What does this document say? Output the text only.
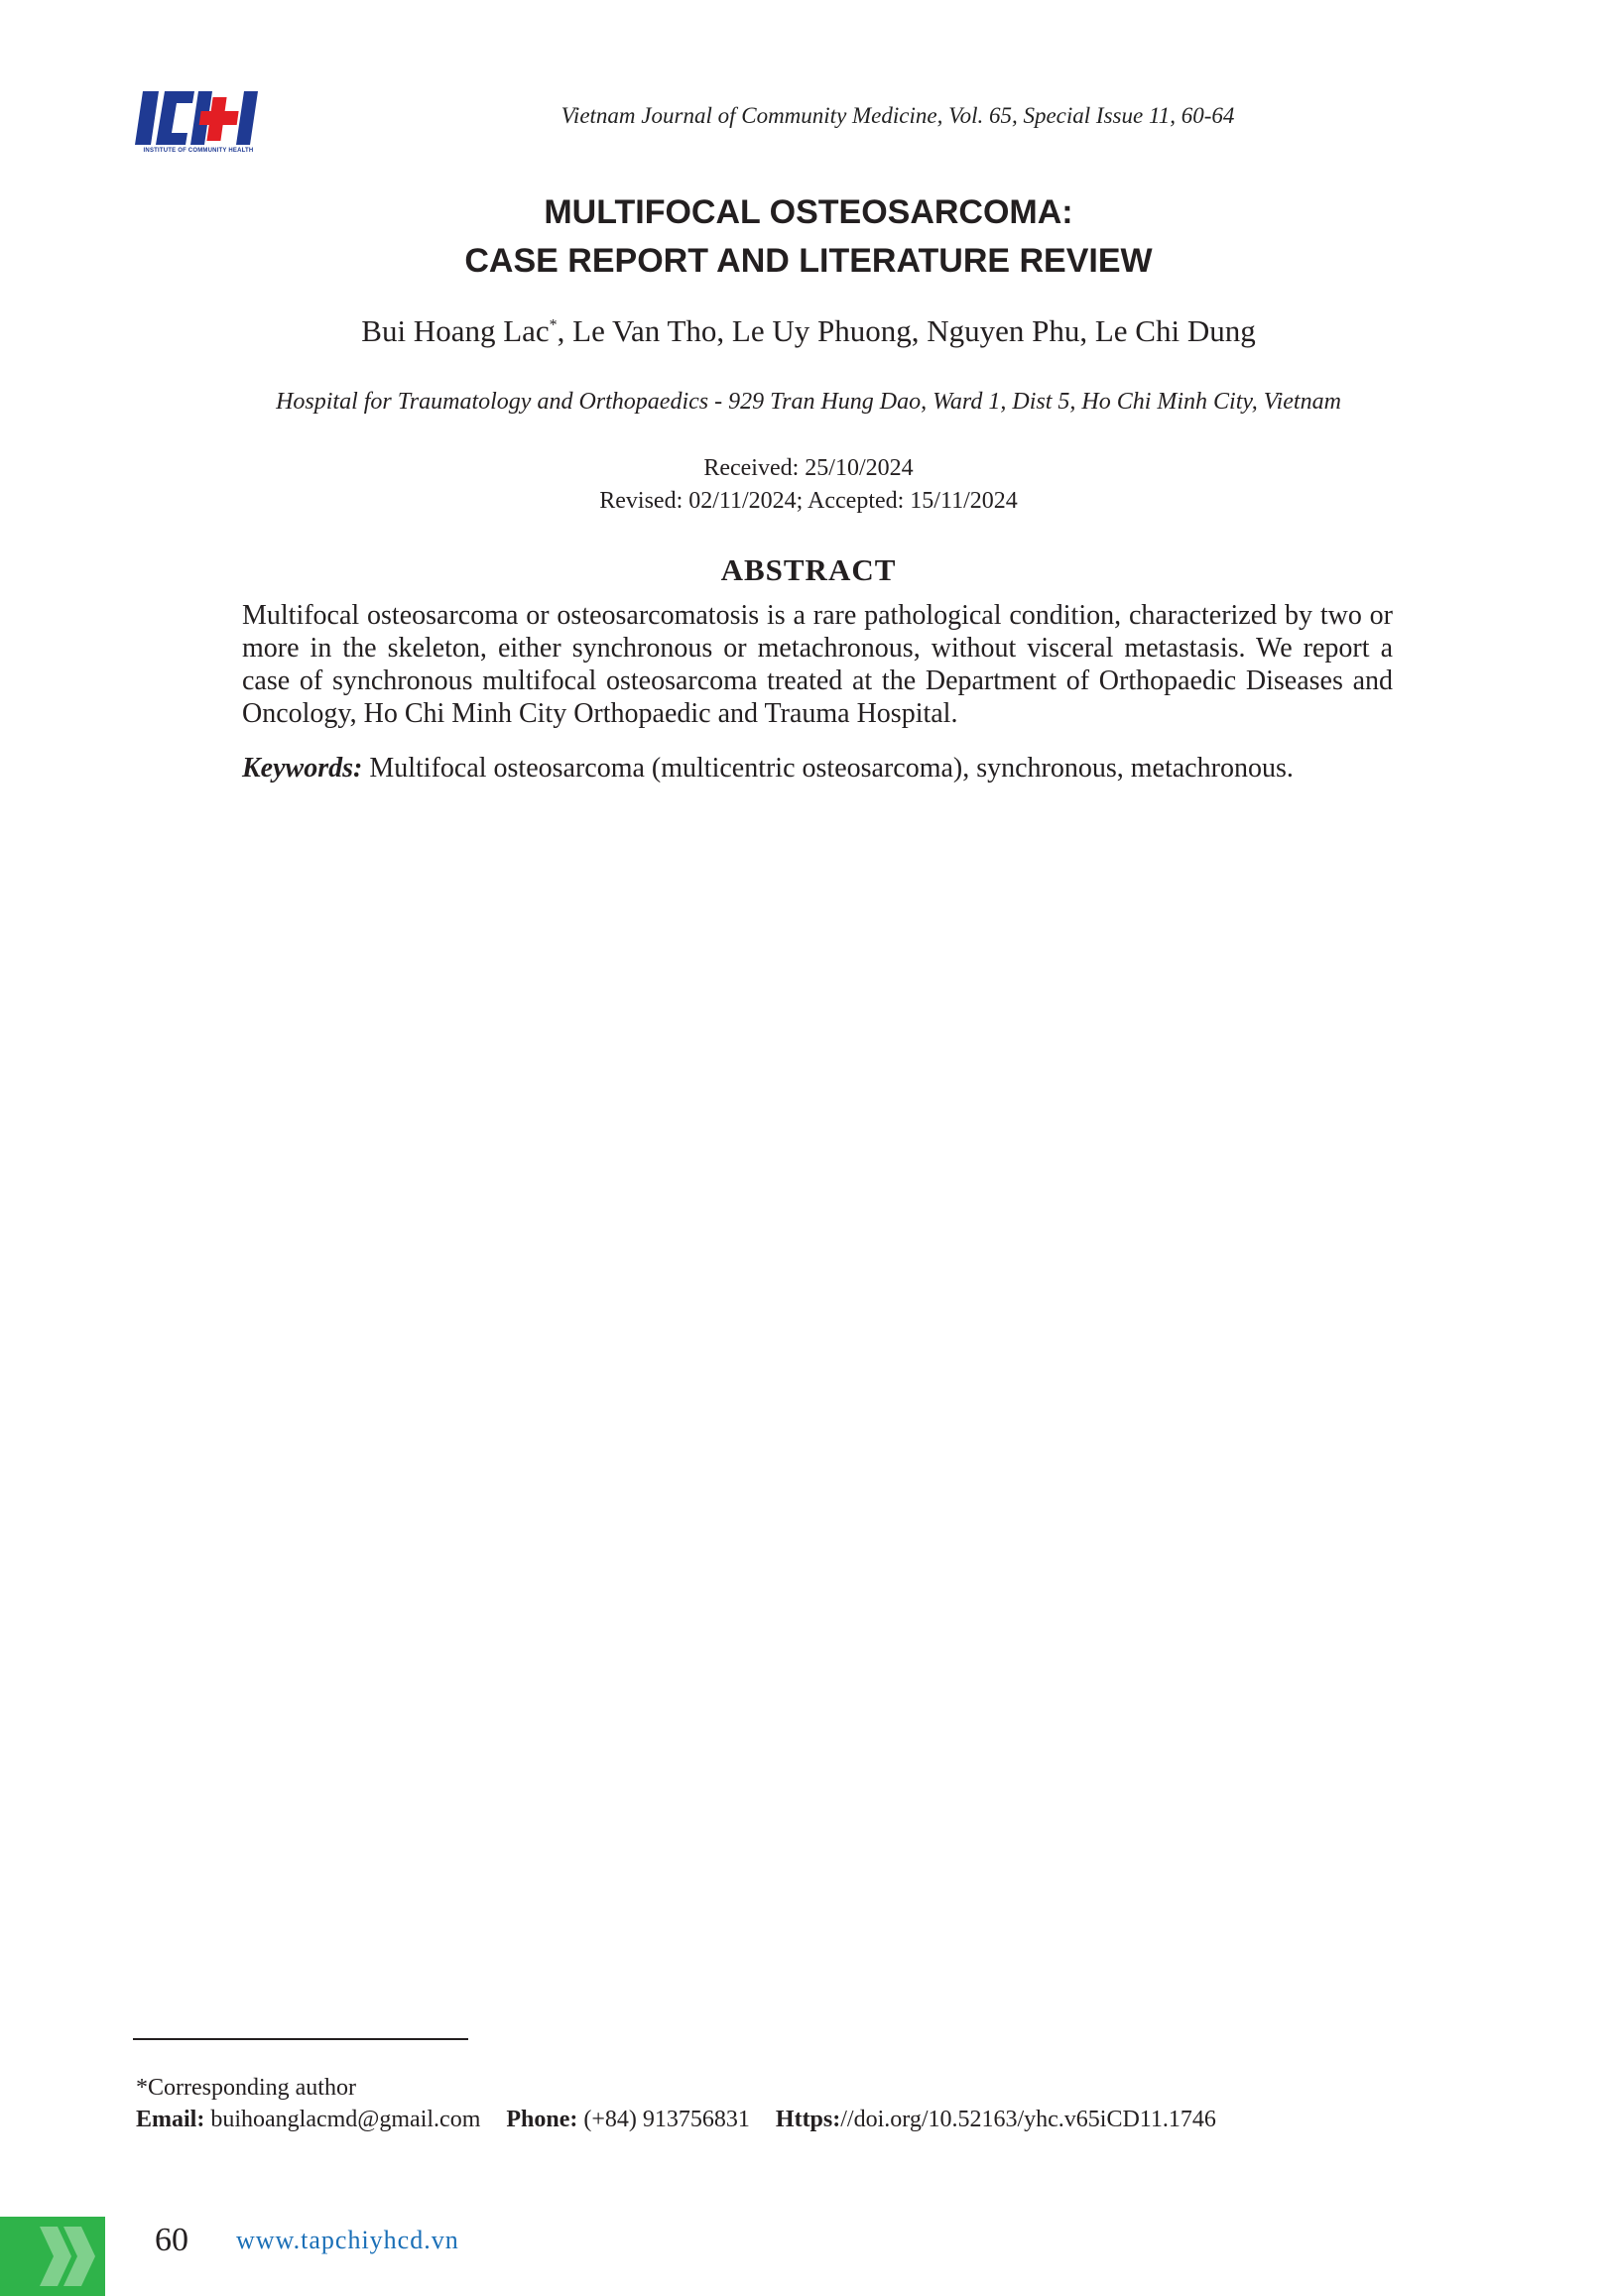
INSTITUTE OF COMMUNITY HEALTH
Vietnam Journal of Community Medicine, Vol. 65, Special Issue 11, 60-64
MULTIFOCAL OSTEOSARCOMA:
CASE REPORT AND LITERATURE REVIEW
Bui Hoang Lac*, Le Van Tho, Le Uy Phuong, Nguyen Phu, Le Chi Dung
Hospital for Traumatology and Orthopaedics - 929 Tran Hung Dao, Ward 1, Dist 5, Ho Chi Minh City, Vietnam
Received: 25/10/2024
Revised: 02/11/2024; Accepted: 15/11/2024
ABSTRACT
Multifocal osteosarcoma or osteosarcomatosis is a rare pathological condition, characterized by two or more in the skeleton, either synchronous or metachronous, without visceral metastasis. We report a case of synchronous multifocal osteosarcoma treated at the Department of Orthopaedic Diseases and Oncology, Ho Chi Minh City Orthopaedic and Trauma Hospital.
Keywords: Multifocal osteosarcoma (multicentric osteosarcoma), synchronous, metachronous.
*Corresponding author
Email: buihoanglacmd@gmail.com Phone: (+84) 913756831 Https://doi.org/10.52163/yhc.v65iCD11.1746
60 www.tapchiyhcd.vn
